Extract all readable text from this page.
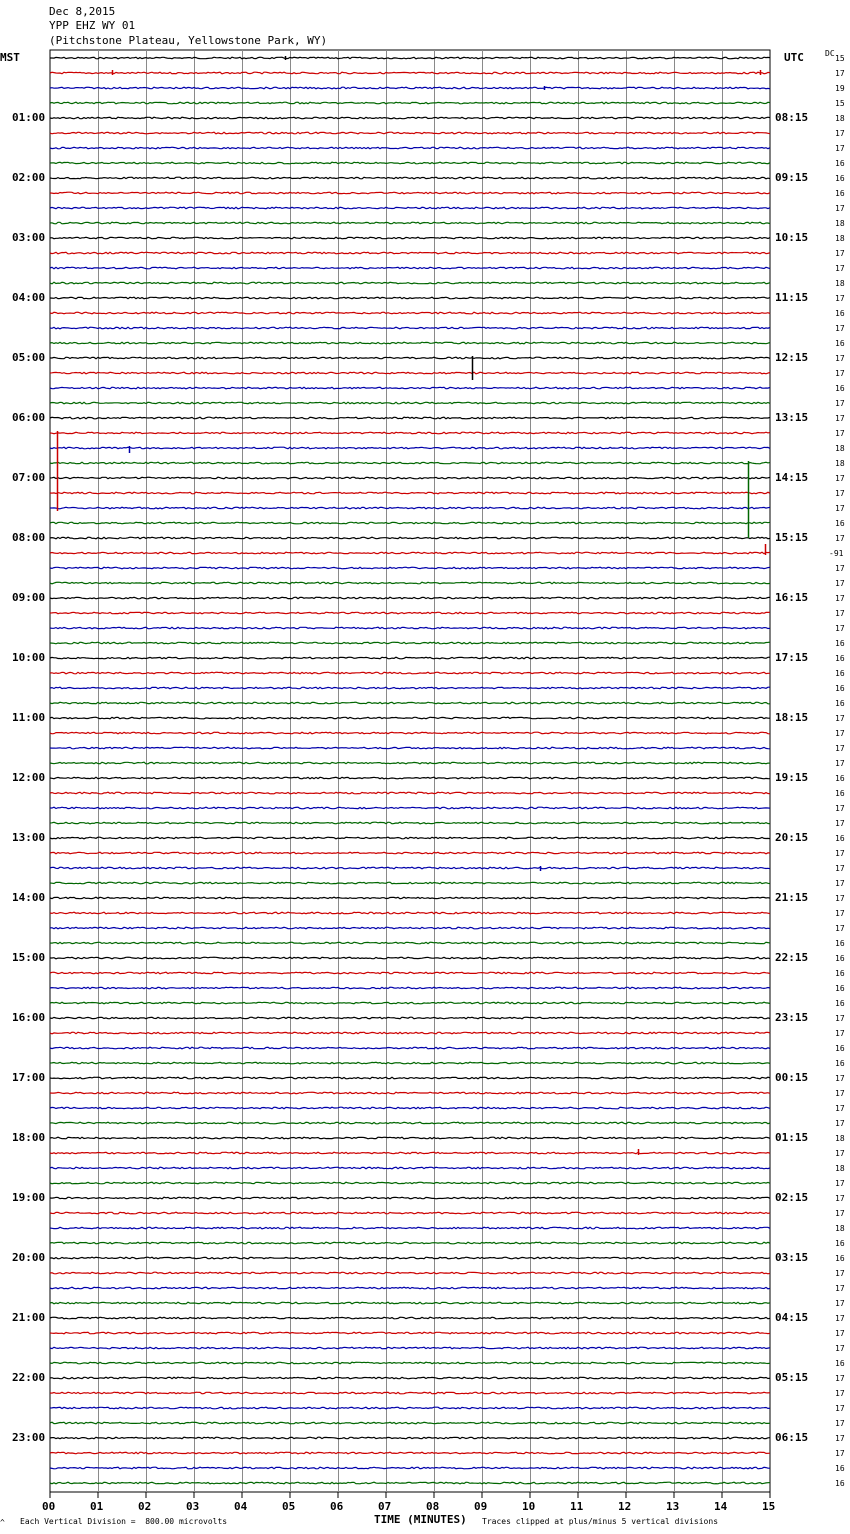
Dec 8,2015
YPP EHZ WY 01
(Pitchstone Plateau, Yellowstone Park, WY)
MST	UTC	DC
01:00
02:00
03:00
04:00
05:00
06:00
07:00
08:00
09:00
10:00
11:00
12:00
13:00
14:00
15:00
16:00
17:00
18:00
19:00
20:00
21:00
22:00
23:00
08:15
09:15
10:15
11:15
12:15
13:15
14:15
15:15
16:15
17:15
18:15
19:15
20:15
21:15
22:15
23:15
00:15
01:15
02:15
03:15
04:15
05:15
06:15
15
17
19
15
18
17
17
16
16
16
17
18
18
17
17
18
17
16
17
16
17
17
16
17
17
17
18
18
17
17
17
16
17
-91
17
17
17
17
17
16
16
16
16
16
17
17
17
17
16
16
17
17
16
17
17
17
17
17
17
16
16
16
16
16
17
17
16
16
17
17
17
17
18
17
18
17
17
17
18
16
16
17
17
17
17
17
17
16
17
17
17
17
17
17
16
16
00	01	02	03	04	05	06	07	08	09	10	11	12	13	14	15
^ Each Vertical Division =  800.00 microvolts	TIME (MINUTES) Traces clipped at plus/minus 5 vertical divisions
